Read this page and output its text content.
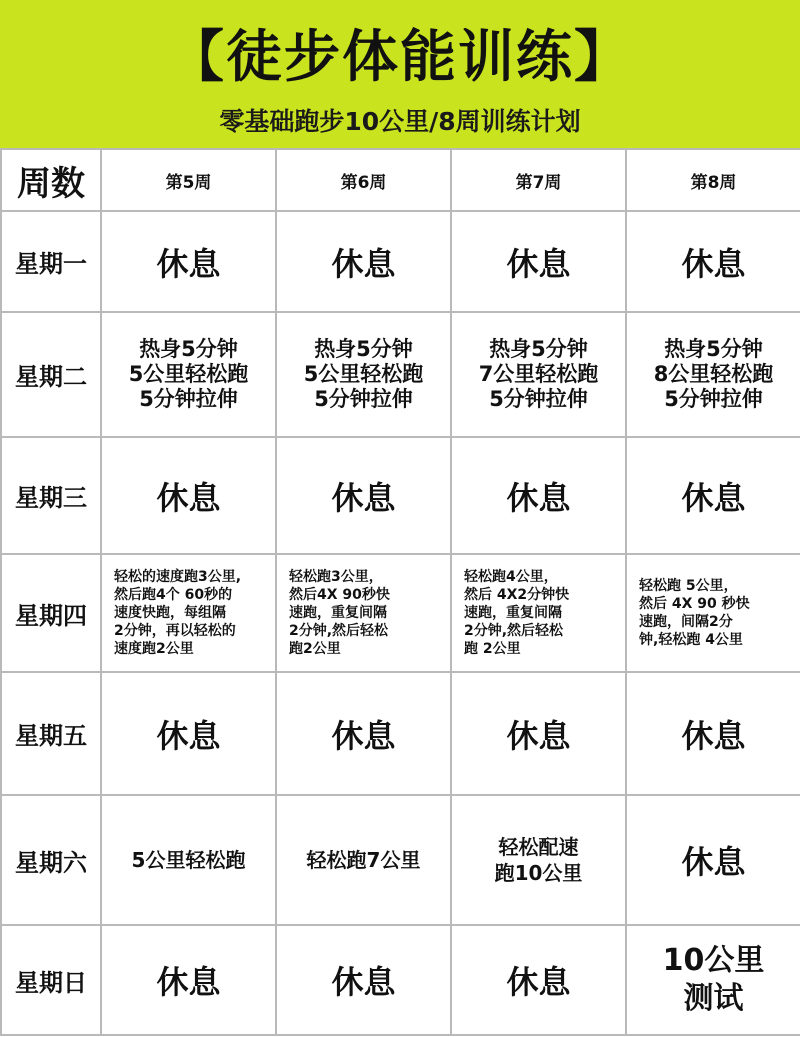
【徒步体能训练】
零基础跑步10公里/8周训练计划
周数	第5周	第6周	第7周	第8周
星期一	休息	休息	休息	休息
星期二	热身5分钟
5公里轻松跑
5分钟拉伸	热身5分钟
5公里轻松跑
5分钟拉伸	热身5分钟
7公里轻松跑
5分钟拉伸	热身5分钟
8公里轻松跑
5分钟拉伸

星期三	休息	休息	休息	休息
星期四	轻松的速度跑3公里,
然后跑4个 60秒的
速度快跑，每组隔
2分钟，再以轻松的
速度跑2公里	轻松跑3公里，
然后4X 90秒快
速跑，重复间隔
2分钟,然后轻松
跑2公里	轻松跑4公里，
然后 4X2分钟快
速跑，重复间隔
2分钟,然后轻松
跑 2公里	轻松跑 5公里，
然后 4X 90 秒快
速跑，间隔2分
钟,轻松跑 4公里

星期五	休息	休息	休息	休息
星期六	5公里轻松跑	轻松跑7公里	轻松配速
跑10公里	休息
星期日	休息	休息	休息	10公里
测试
